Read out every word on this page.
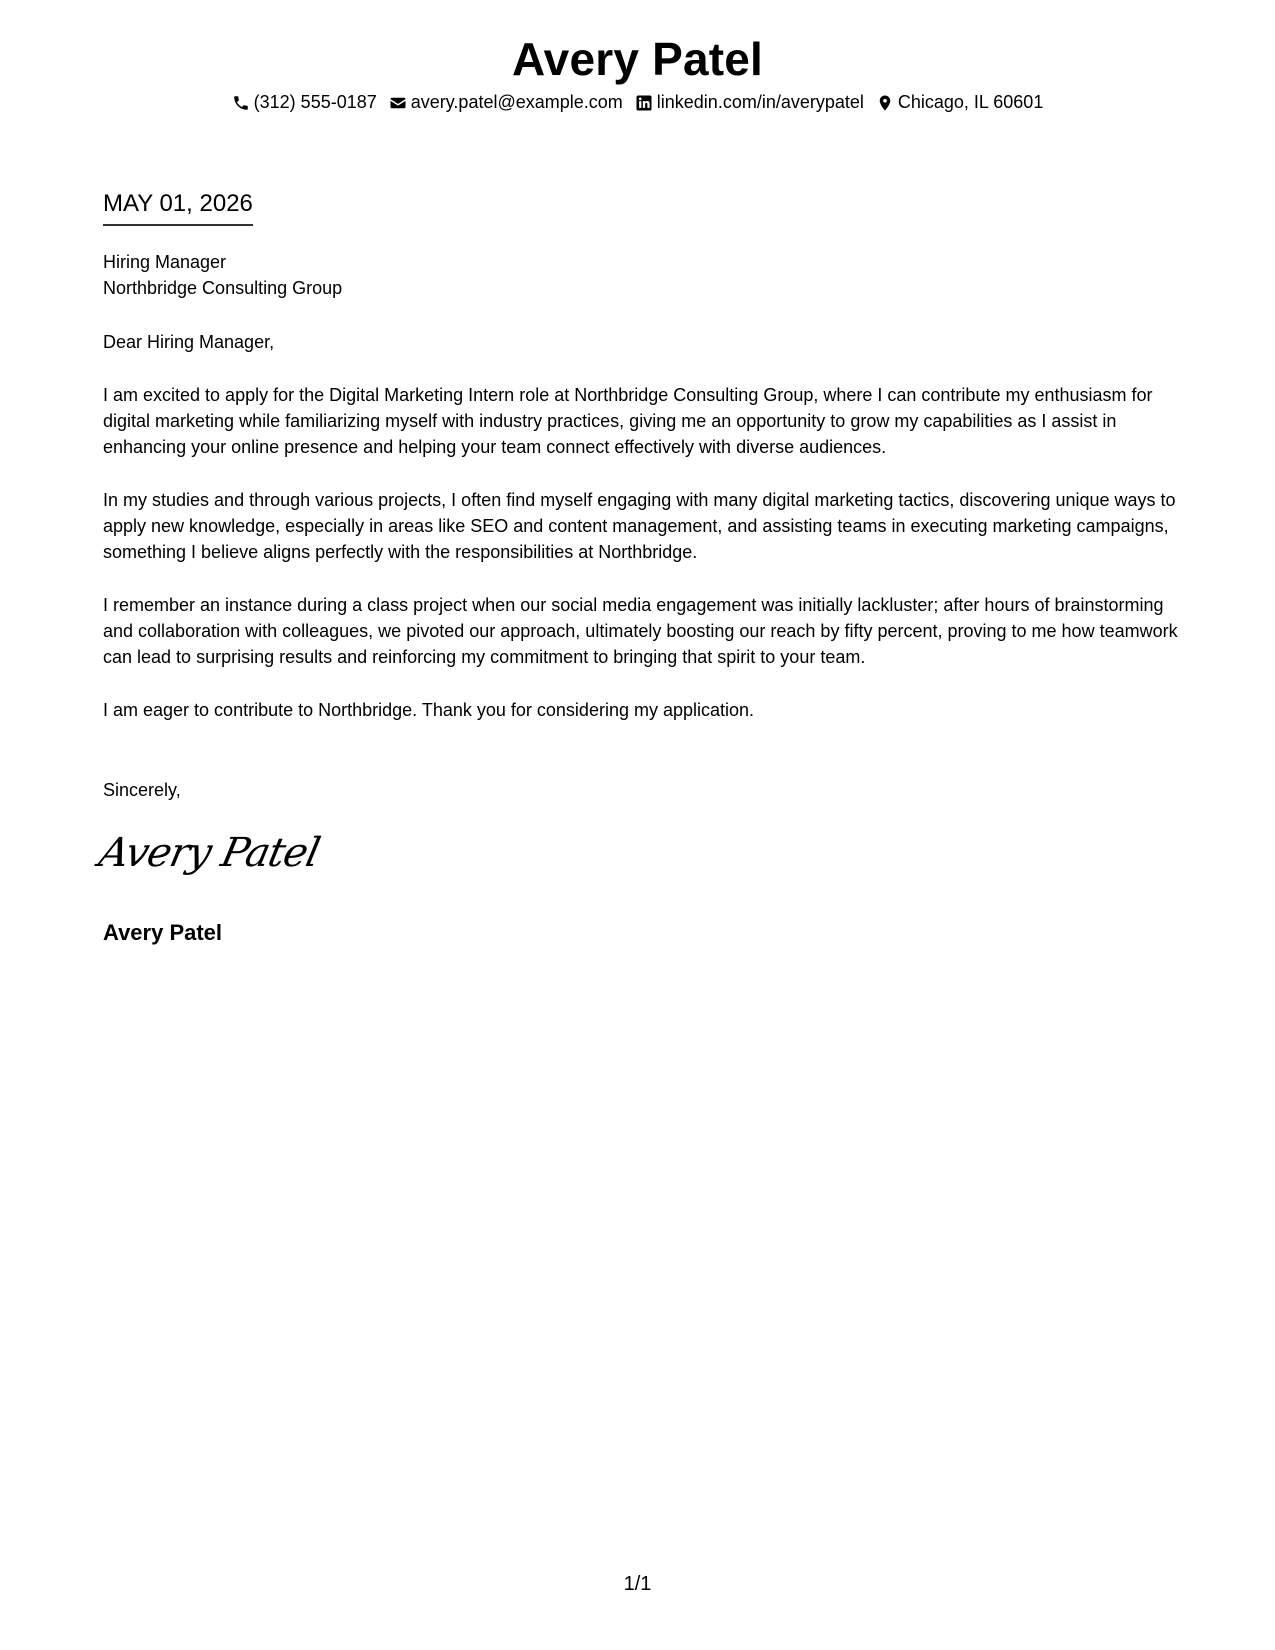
Avery Patel
(312) 555-0187 avery.patel@example.com linkedin.com/in/averypatel Chicago, IL 60601
MAY 01, 2026
Hiring Manager
Northbridge Consulting Group
Dear Hiring Manager,
I am excited to apply for the Digital Marketing Intern role at Northbridge Consulting Group, where I can contribute my enthusiasm for digital marketing while familiarizing myself with industry practices, giving me an opportunity to grow my capabilities as I assist in enhancing your online presence and helping your team connect effectively with diverse audiences.
In my studies and through various projects, I often find myself engaging with many digital marketing tactics, discovering unique ways to apply new knowledge, especially in areas like SEO and content management, and assisting teams in executing marketing campaigns, something I believe aligns perfectly with the responsibilities at Northbridge.
I remember an instance during a class project when our social media engagement was initially lackluster; after hours of brainstorming and collaboration with colleagues, we pivoted our approach, ultimately boosting our reach by fifty percent, proving to me how teamwork can lead to surprising results and reinforcing my commitment to bringing that spirit to your team.
I am eager to contribute to Northbridge. Thank you for considering my application.
Sincerely,
Avery Patel
Avery Patel
1/1
